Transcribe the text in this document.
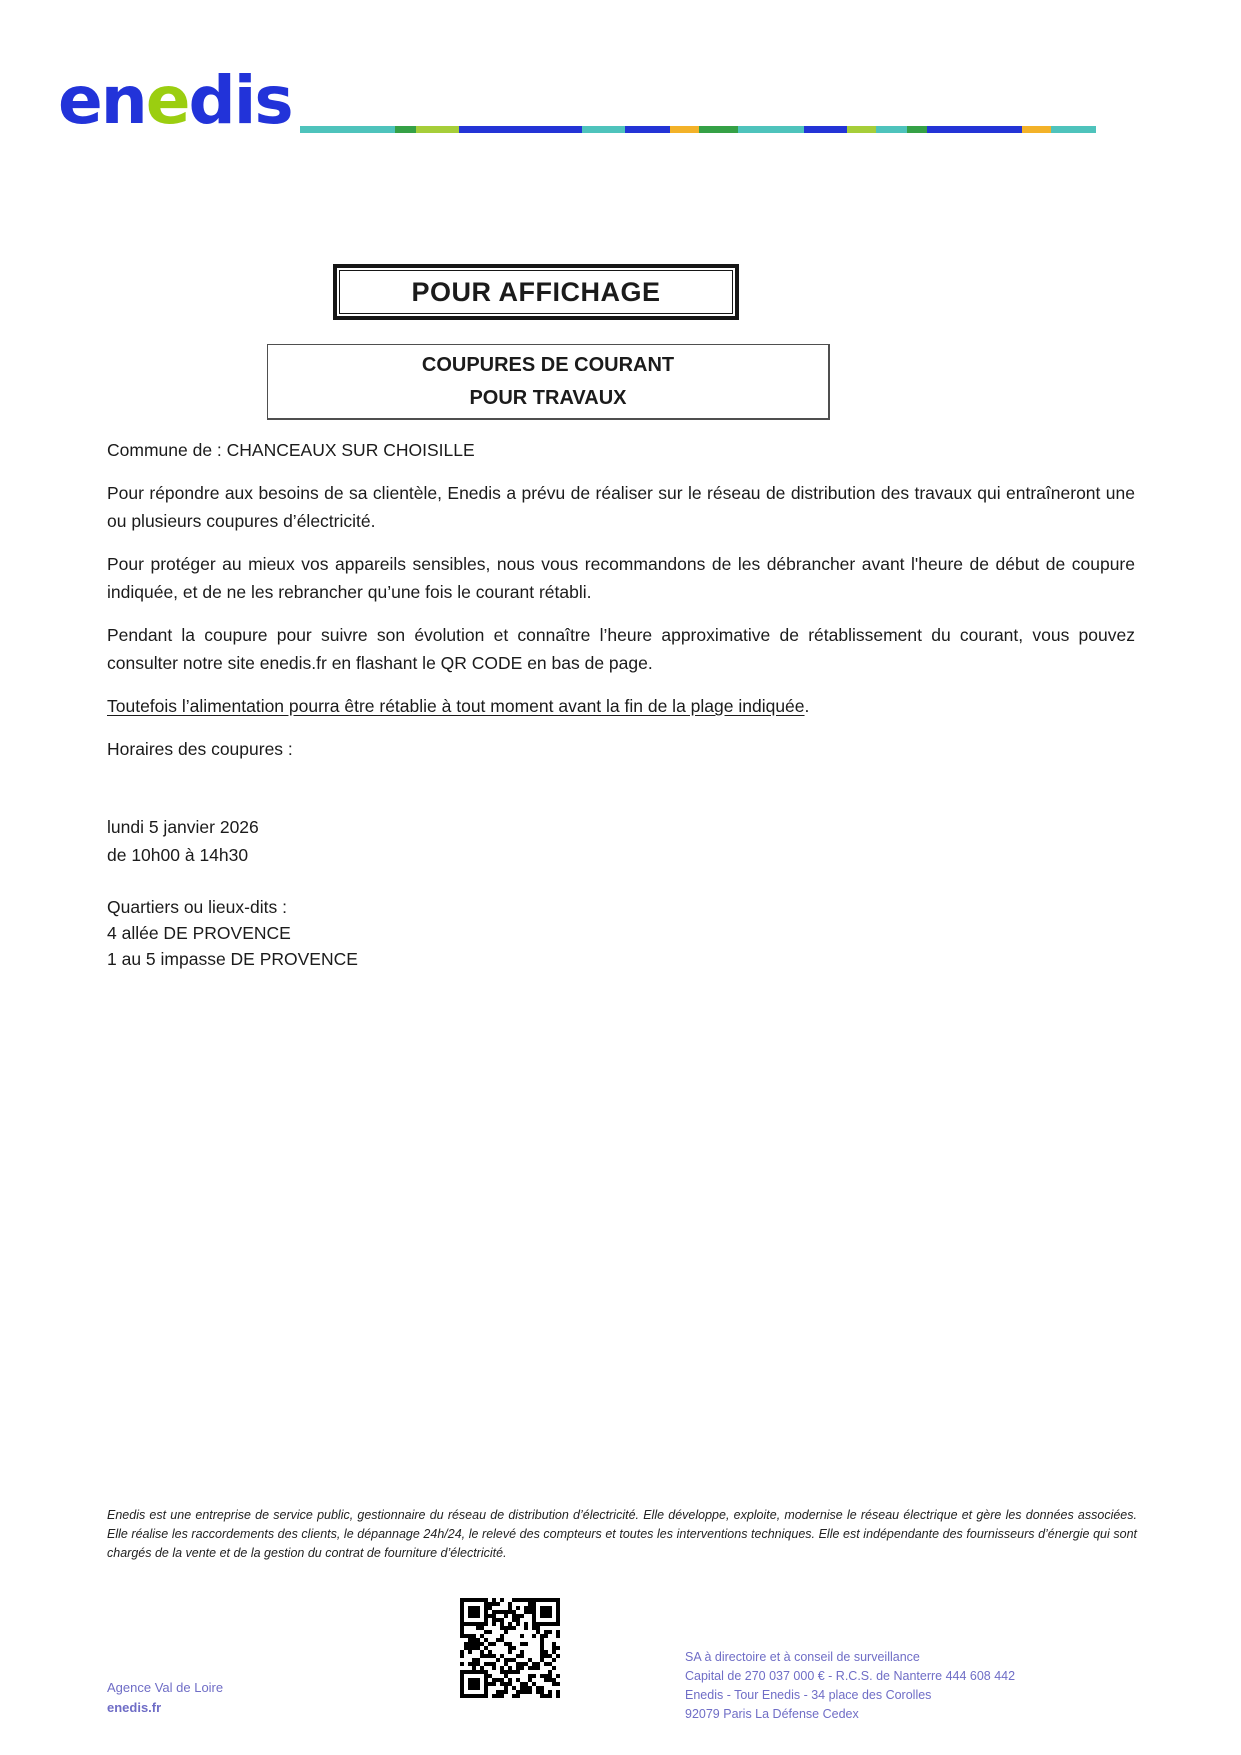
enedis
POUR AFFICHAGE
COUPURES DE COURANT
POUR TRAVAUX

Commune de : CHANCEAUX SUR CHOISILLE

Pour répondre aux besoins de sa clientèle, Enedis a prévu de réaliser sur le réseau de distribution des travaux qui entraîneront une ou plusieurs coupures d’électricité.

Pour protéger au mieux vos appareils sensibles, nous vous recommandons de les débrancher avant l'heure de début de coupure indiquée, et de ne les rebrancher qu’une fois le courant rétabli.

Pendant la coupure pour suivre son évolution et connaître l’heure approximative de rétablissement du courant, vous pouvez consulter notre site enedis.fr en flashant le QR CODE en bas de page.

Toutefois l’alimentation pourra être rétablie à tout moment avant la fin de la plage indiquée.

Horaires des coupures :

lundi 5 janvier 2026
de 10h00 à 14h30
Quartiers ou lieux-dits :
4 allée DE PROVENCE
1 au 5 impasse DE PROVENCE

Enedis est une entreprise de service public, gestionnaire du réseau de distribution d’électricité. Elle développe, exploite, modernise le réseau électrique et gère les données associées. Elle réalise les raccordements des clients, le dépannage 24h/24, le relevé des compteurs et toutes les interventions techniques. Elle est indépendante des fournisseurs d’énergie qui sont chargés de la vente et de la gestion du contrat de fourniture d’électricité.

Agence Val de Loire
enedis.fr
SA à directoire et à conseil de surveillance
Capital de 270 037 000 € - R.C.S. de Nanterre 444 608 442
Enedis - Tour Enedis - 34 place des Corolles
92079 Paris La Défense Cedex
